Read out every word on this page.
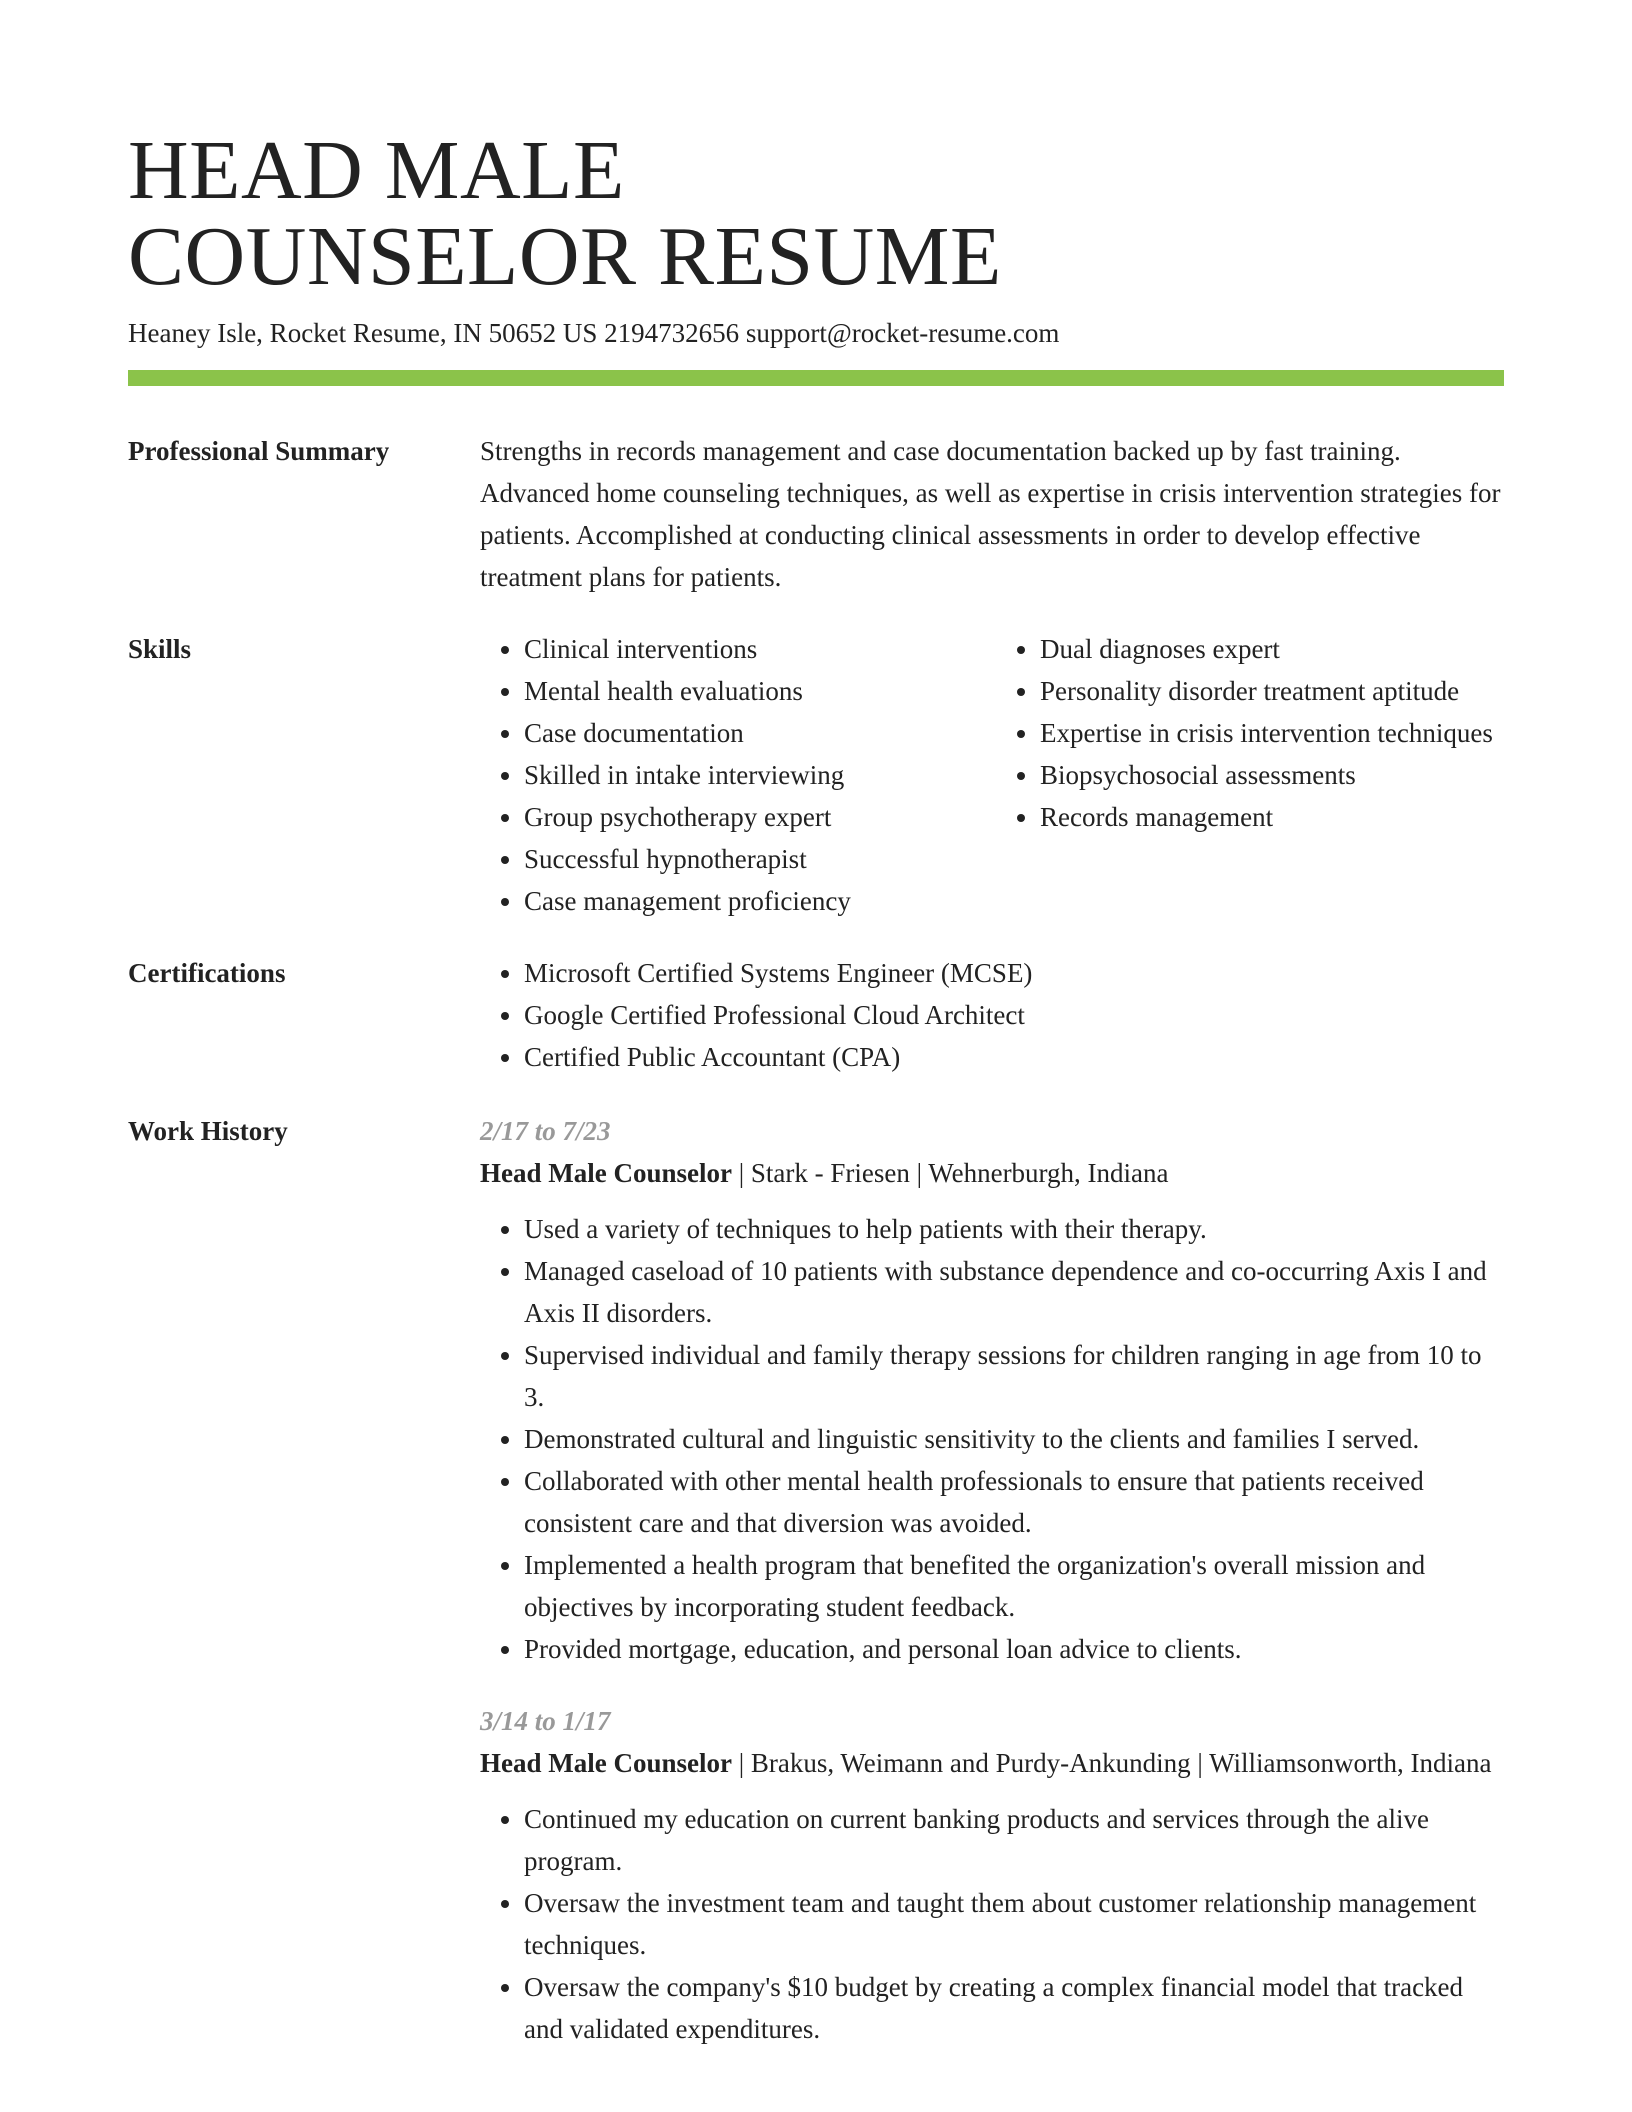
HEAD MALE
COUNSELOR RESUME
Heaney Isle, Rocket Resume, IN 50652 US 2194732656 support@rocket-resume.com
Professional Summary	Strengths in records management and case documentation backed up by fast training. Advanced home counseling techniques, as well as expertise in crisis intervention strategies for patients. Accomplished at conducting clinical assessments in order to develop effective treatment plans for patients.

Skills	• Clinical interventions
• Mental health evaluations
• Case documentation
• Skilled in intake interviewing
• Group psychotherapy expert
• Successful hypnotherapist
• Case management proficiency
• Dual diagnoses expert
• Personality disorder treatment aptitude
• Expertise in crisis intervention techniques
• Biopsychosocial assessments
• Records management
Certifications	• Microsoft Certified Systems Engineer (MCSE)
• Google Certified Professional Cloud Architect
• Certified Public Accountant (CPA)
Work History	2/17 to 7/23
Head Male Counselor | Stark - Friesen | Wehnerburgh, Indiana
• Used a variety of techniques to help patients with their therapy.
• Managed caseload of 10 patients with substance dependence and co-occurring Axis I and Axis II disorders.
• Supervised individual and family therapy sessions for children ranging in age from 10 to 3.
• Demonstrated cultural and linguistic sensitivity to the clients and families I served.
• Collaborated with other mental health professionals to ensure that patients received consistent care and that diversion was avoided.
• Implemented a health program that benefited the organization's overall mission and objectives by incorporating student feedback.
• Provided mortgage, education, and personal loan advice to clients.
3/14 to 1/17
Head Male Counselor | Brakus, Weimann and Purdy-Ankunding | Williamsonworth, Indiana
• Continued my education on current banking products and services through the alive program.
• Oversaw the investment team and taught them about customer relationship management techniques.
• Oversaw the company's $10 budget by creating a complex financial model that tracked and validated expenditures.
